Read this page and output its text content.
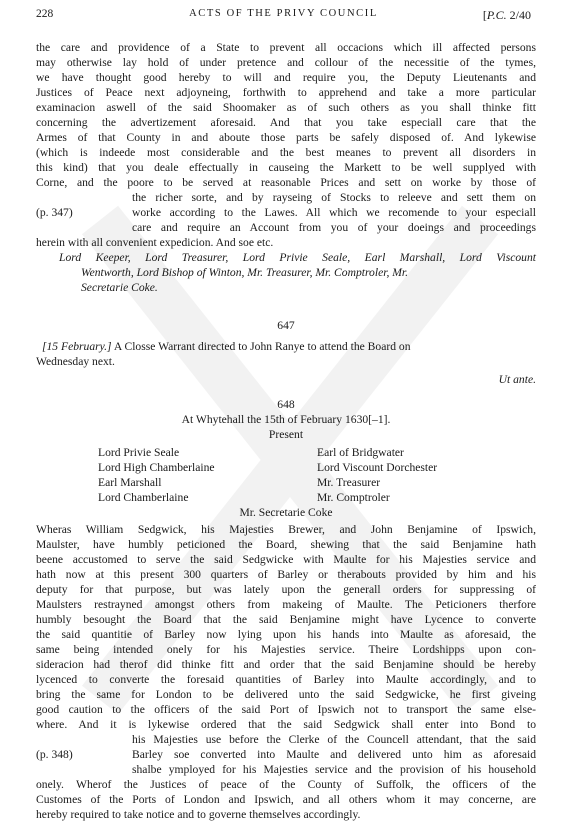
228	ACTS OF THE PRIVY COUNCIL	[P.C. 2/40
the care and providence of a State to prevent all occacions which ill affected persons
may otherwise lay hold of under pretence and collour of the necessitie of the tymes,
we have thought good hereby to will and require you, the Deputy Lieutenants and
Justices of Peace next adjoyneing, forthwith to apprehend and take a more particular
examinacion aswell of the said Shoomaker as of such others as you shall thinke fitt
concerning the advertizement aforesaid. And that you take especiall care that the
Armes of that County in and aboute those parts be safely disposed of. And lykewise
(which is indeede most considerable and the best meanes to prevent all disorders in
this kind) that you deale effectually in causeing the Markett to be well supplyed with
Corne, and the poore to be served at reasonable Prices and sett on worke by those of
the richer sorte, and by rayseing of Stocks to releeve and sett them on
worke according to the Lawes. All which we recomende to your especiall
care and require an Account from you of your doeings and proceedings
herein with all convenient expedicion. And soe etc.
(p. 347)
Lord Keeper, Lord Treasurer, Lord Privie Seale, Earl Marshall, Lord Viscount
Wentworth, Lord Bishop of Winton, Mr. Treasurer, Mr. Comptroler, Mr.
Secretarie Coke.
647
[15 February.] A Closse Warrant directed to John Ranye to attend the Board on
Wednesday next.
Ut ante.
648
At Whytehall the 15th of February 1630[–1].
Present
Lord Privie Seale
Lord High Chamberlaine
Earl Marshall
Lord Chamberlaine
Earl of Bridgwater
Lord Viscount Dorchester
Mr. Treasurer
Mr. Comptroler
Mr. Secretarie Coke
Wheras William Sedgwick, his Majesties Brewer, and John Benjamine of Ipswich,
Maulster, have humbly peticioned the Board, shewing that the said Benjamine hath
beene accustomed to serve the said Sedgwicke with Maulte for his Majesties service and
hath now at this present 300 quarters of Barley or therabouts provided by him and his
deputy for that purpose, but was lately upon the generall orders for suppressing of
Maulsters restrayned amongst others from makeing of Maulte. The Peticioners therfore
humbly besought the Board that the said Benjamine might have Lycence to converte
the said quantitie of Barley now lying upon his hands into Maulte as aforesaid, the
same being intended onely for his Majesties service. Theire Lordshipps upon con-
sideracion had therof did thinke fitt and order that the said Benjamine should be hereby
lycenced to converte the foresaid quantities of Barley into Maulte accordingly, and to
bring the same for London to be delivered unto the said Sedgwicke, he first giveing
good caution to the officers of the said Port of Ipswich not to transport the same else-
where. And it is lykewise ordered that the said Sedgwick shall enter into Bond to
his Majesties use before the Clerke of the Councell attendant, that the said
Barley soe converted into Maulte and delivered unto him as aforesaid
shalbe ymployed for his Majesties service and the provision of his household
onely. Wherof the Justices of peace of the County of Suffolk, the officers of the
Customes of the Ports of London and Ipswich, and all others whom it may concerne, are
hereby required to take notice and to governe themselves accordingly.
(p. 348)
